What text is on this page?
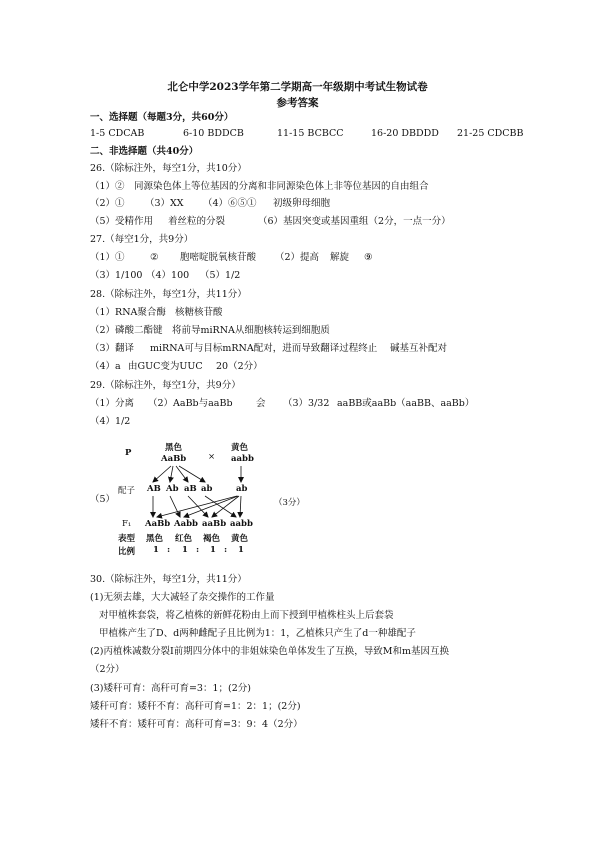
北仑中学2023学年第二学期高一年级期中考试生物试卷
参考答案
一、选择题（每题3分，共60分）
1-5 CDCAB	6-10 BDDCB	11-15 BCBCC	16-20 DBDDD 21-25 CDCBB
二、非选择题（共40分）
26.（除标注外，每空1分，共10分）
（1）②　同源染色体上等位基因的分离和非同源染色体上非等位基因的自由组合
（2）① （3）XX （4）⑥⑤① 初级卵母细胞
（5）受精作用 着丝粒的分裂	（6）基因突变或基因重组（2分，一点一分）
27.（每空1分，共9分）
（1）①	② 胞嘧啶脱氧核苷酸 （2）提高 解旋 ⑨
（3）1/100 （4）100 （5）1/2
28.（除标注外，每空1分，共11分）
（1）RNA聚合酶 核糖核苷酸
（2）磷酸二酯键 将前导miRNA从细胞核转运到细胞质
（3）翻译 miRNA可与目标mRNA配对，进而导致翻译过程终止 碱基互补配对
（4）a 由GUC变为UUC 20（2分）
29.（除标注外，每空1分，共9分）
（1）分离 （2）AaBb与aaBb 会 （3）3/32 aaBB或aaBb（aaBB、aaBb）
（4）1/2
P	黑色
AaBb	×
黄色
aabb
（5）
配子 AB Ab aB ab	ab
（3分）
F₁ AaBb Aabb aaBb aabb
表型 黑色 红色 褐色 黄色
比例 1 : 1 : 1 : 1
30.（除标注外，每空1分，共11分）
(1)无须去雄，大大减轻了杂交操作的工作量
对甲植株套袋，将乙植株的新鲜花粉由上而下授到甲植株柱头上后套袋
甲植株产生了D、d两种雌配子且比例为1：1，乙植株只产生了d一种雄配子
(2)丙植株减数分裂I前期四分体中的非姐妹染色单体发生了互换，导致M和m基因互换
（2分）
(3)矮秆可育：高秆可育=3：1；(2分)
矮秆可育：矮秆不育：高秆可育=1：2：1；(2分)
矮秆不育：矮秆可育：高秆可育=3：9：4（2分）
